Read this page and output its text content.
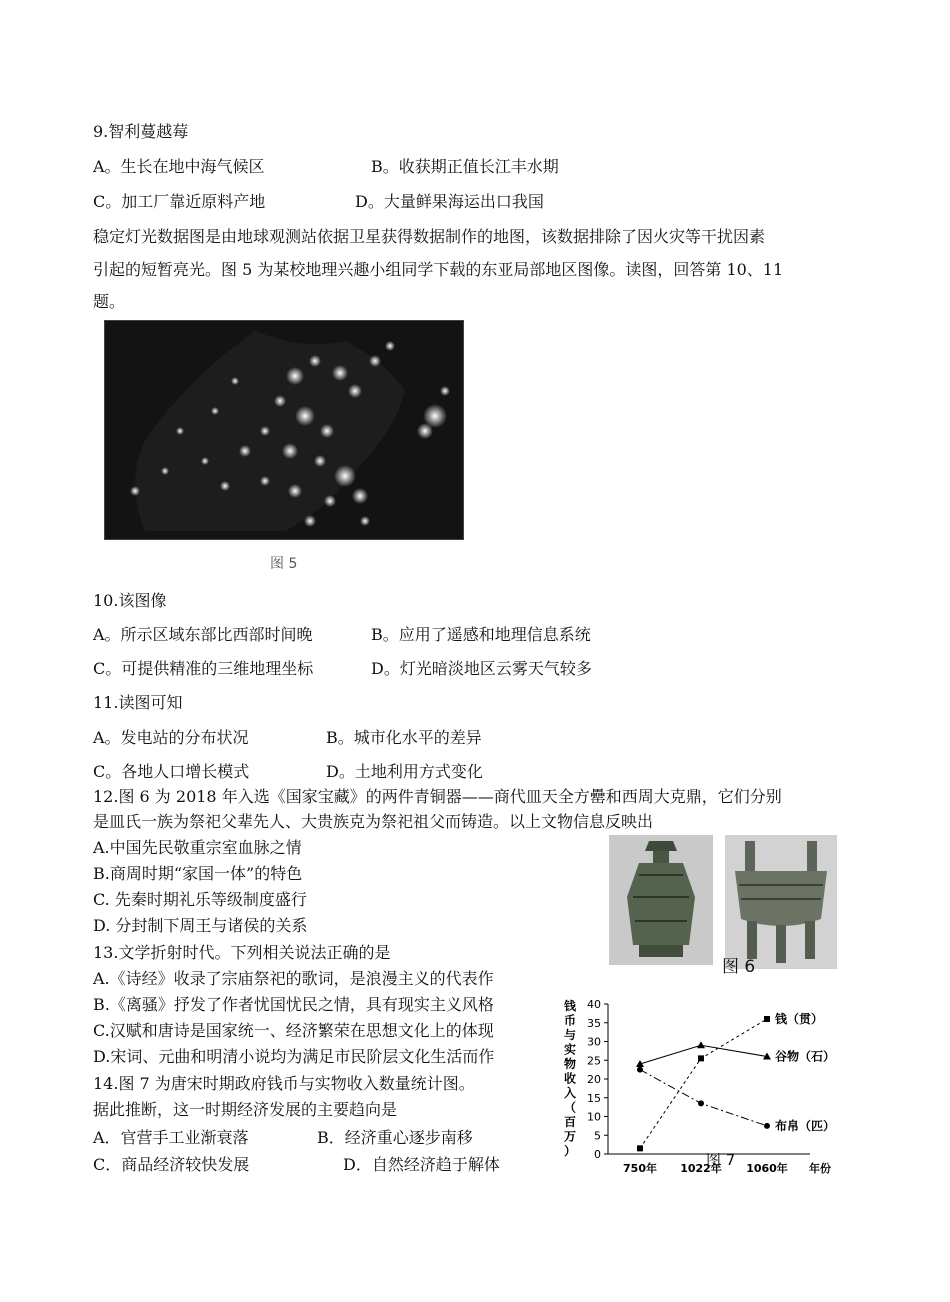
9.智利蔓越莓
A。生长在地中海气候区	B。收获期正值长江丰水期
C。加工厂靠近原料产地	D。大量鲜果海运出口我国
稳定灯光数据图是由地球观测站依据卫星获得数据制作的地图，该数据排除了因火灾等干扰因素
引起的短暂亮光。图 5 为某校地理兴趣小组同学下载的东亚局部地区图像。读图，回答第 10、11
题。
图 5
10.该图像
A。所示区域东部比西部时间晚	B。应用了遥感和地理信息系统
C。可提供精准的三维地理坐标	D。灯光暗淡地区云雾天气较多
11.读图可知
A。发电站的分布状况	B。城市化水平的差异
C。各地人口增长模式	D。土地利用方式变化
12.图 6 为 2018 年入选《国家宝藏》的两件青铜器——商代皿天全方罍和西周大克鼎，它们分别
是皿氏一族为祭祀父辈先人、大贵族克为祭祀祖父而铸造。以上文物信息反映出
A.中国先民敬重宗室血脉之情
B.商周时期“家国一体”的特色
C. 先秦时期礼乐等级制度盛行
D. 分封制下周王与诸侯的关系
图 6
13.文学折射时代。下列相关说法正确的是
A.《诗经》收录了宗庙祭祀的歌词，是浪漫主义的代表作
B.《离骚》抒发了作者忧国忧民之情，具有现实主义风格
C.汉赋和唐诗是国家统一、经济繁荣在思想文化上的体现
D.宋词、元曲和明清小说均为满足市民阶层文化生活而作
14.图 7 为唐宋时期政府钱币与实物收入数量统计图。
据此推断，这一时期经济发展的主要趋向是
A．官营手工业渐衰落	B．经济重心逐步南移
C．商品经济较快发展	D．自然经济趋于解体
0
5
10
15
20
25
30
35
40
750年 1022年 1060年 年份
钱
币
与
实
物
收
入
（
百
万
）
钱（贯）
谷物（石）
布帛（匹）
图 7
